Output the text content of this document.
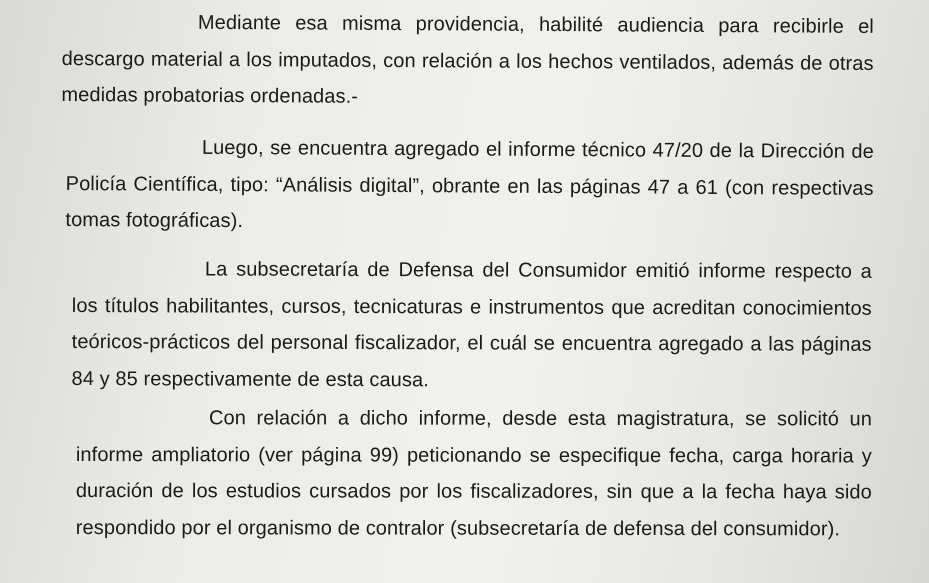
Mediante esa misma providencia, habilité audiencia para recibirle el descargo material a los imputados, con relación a los hechos ventilados, además de otras medidas probatorias ordenadas.-
Luego, se encuentra agregado el informe técnico 47/20 de la Dirección de Policía Científica, tipo: “Análisis digital”, obrante en las páginas 47 a 61 (con respectivas tomas fotográficas).
La subsecretaría de Defensa del Consumidor emitió informe respecto a los títulos habilitantes, cursos, tecnicaturas e instrumentos que acreditan conocimientos teóricos-prácticos del personal fiscalizador, el cuál se encuentra agregado a las páginas 84 y 85 respectivamente de esta causa.
Con relación a dicho informe, desde esta magistratura, se solicitó un informe ampliatorio (ver página 99) peticionando se especifique fecha, carga horaria y duración de los estudios cursados por los fiscalizadores, sin que a la fecha haya sido respondido por el organismo de contralor (subsecretaría de defensa del consumidor).
